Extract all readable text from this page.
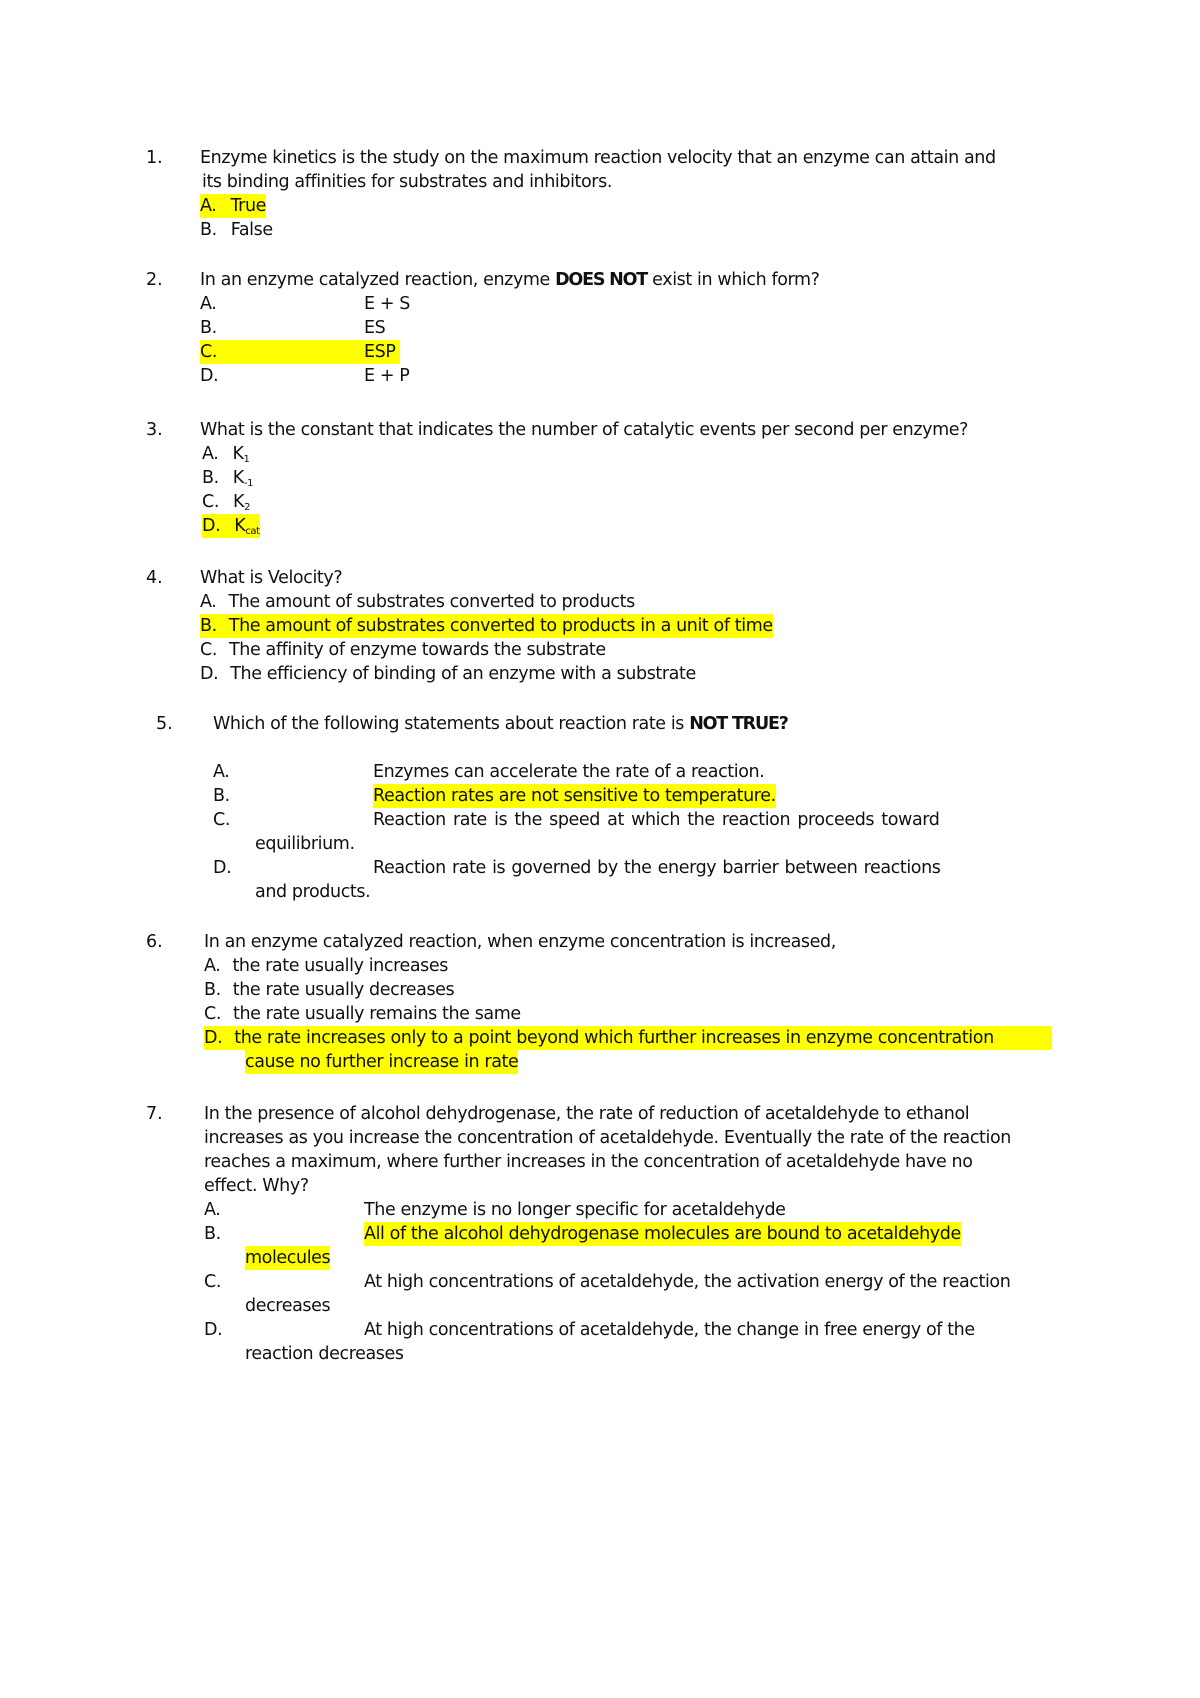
1. Enzyme kinetics is the study on the maximum reaction velocity that an enzyme can attain and
its binding affinities for substrates and inhibitors.
A. True
B. False
2. In an enzyme catalyzed reaction, enzyme DOES NOT exist in which form?
A.	E + S
B.	ES
C.	ESP
D.	E + P
3. What is the constant that indicates the number of catalytic events per second per enzyme?
A. $K_1$
B. $K_{-1}$
C. $K_2$
D. $K_{cat}$
4. What is Velocity?
A. The amount of substrates converted to products
B. The amount of substrates converted to products in a unit of time
C. The affinity of enzyme towards the substrate
D. The efficiency of binding of an enzyme with a substrate
5. Which of the following statements about reaction rate is NOT TRUE?
A.	Enzymes can accelerate the rate of a reaction.
B.	Reaction rates are not sensitive to temperature.
C.	Reaction rate is the speed at which the reaction proceeds toward
equilibrium.
D.	Reaction rate is governed by the energy barrier between reactions
and products.
6. In an enzyme catalyzed reaction, when enzyme concentration is increased,
A. the rate usually increases
B. the rate usually decreases
C. the rate usually remains the same
D. the rate increases only to a point beyond which further increases in enzyme concentration
cause no further increase in rate
7. In the presence of alcohol dehydrogenase, the rate of reduction of acetaldehyde to ethanol
increases as you increase the concentration of acetaldehyde. Eventually the rate of the reaction
reaches a maximum, where further increases in the concentration of acetaldehyde have no
effect. Why?
A.	The enzyme is no longer specific for acetaldehyde
B.	All of the alcohol dehydrogenase molecules are bound to acetaldehyde
molecules
C.	At high concentrations of acetaldehyde, the activation energy of the reaction
decreases
D.	At high concentrations of acetaldehyde, the change in free energy of the
reaction decreases
